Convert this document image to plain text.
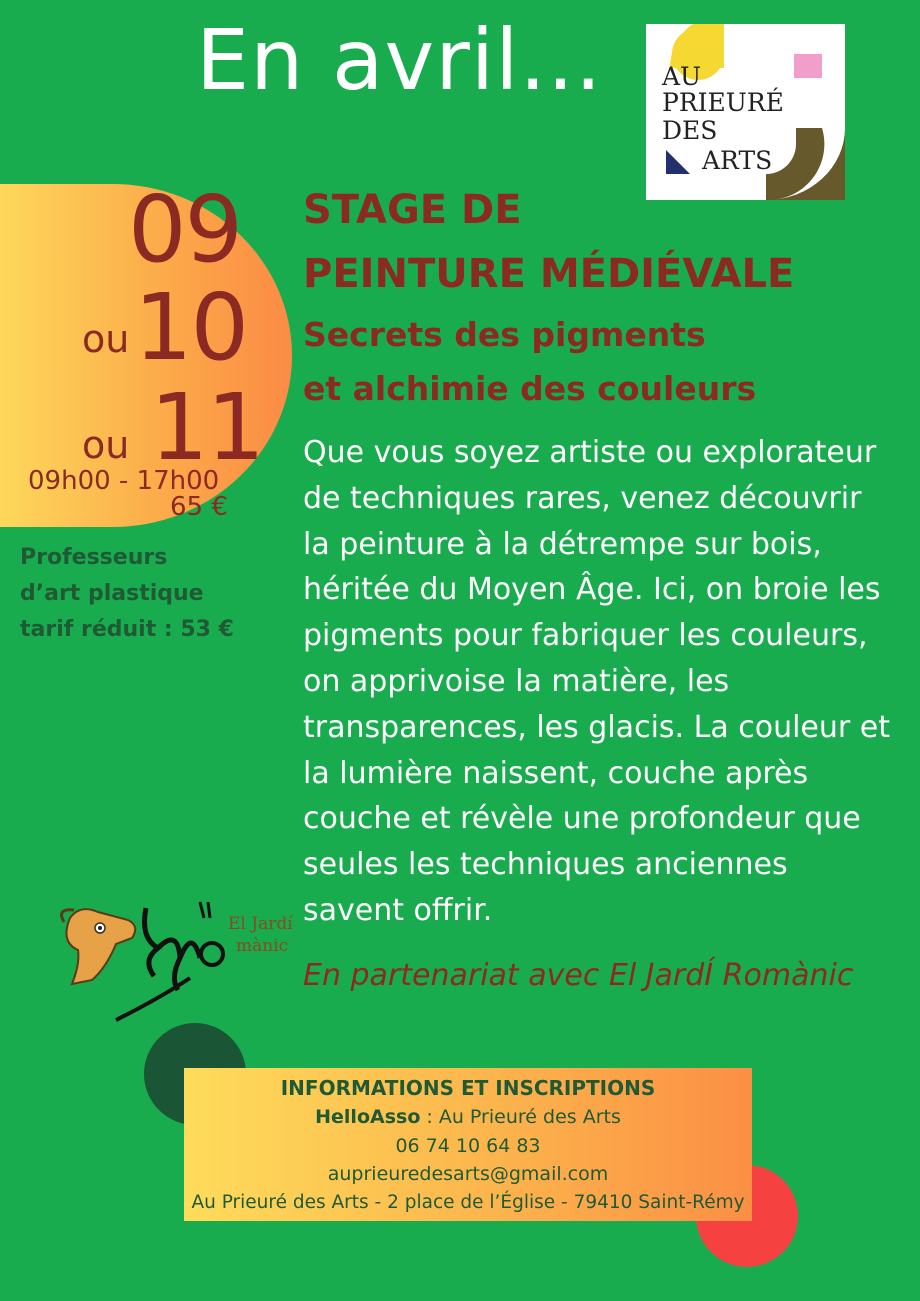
En avril... AU
PRIEURÉ
DES
ARTS
09
ou 10
ou 11
09h00 - 17h00
65 €
Professeurs
d’art plastique
tarif réduit : 53 €
STAGE DE
PEINTURE MÉDIÉVALE
Secrets des pigments
et alchimie des couleurs
Que vous soyez artiste ou explorateur de techniques rares, venez découvrir la peinture à la détrempe sur bois, héritée du Moyen Âge. Ici, on broie les pigments pour fabriquer les couleurs, on apprivoise la matière, les transparences, les glacis. La couleur et la lumière naissent, couche après couche et révèle une profondeur que seules les techniques anciennes savent offrir.
En partenariat avec El JardÍ Romànic
El Jardí
mànic
INFORMATIONS ET INSCRIPTIONS
HelloAsso : Au Prieuré des Arts
06 74 10 64 83
auprieuredesarts@gmail.com
Au Prieuré des Arts - 2 place de l’Église - 79410 Saint-Rémy
